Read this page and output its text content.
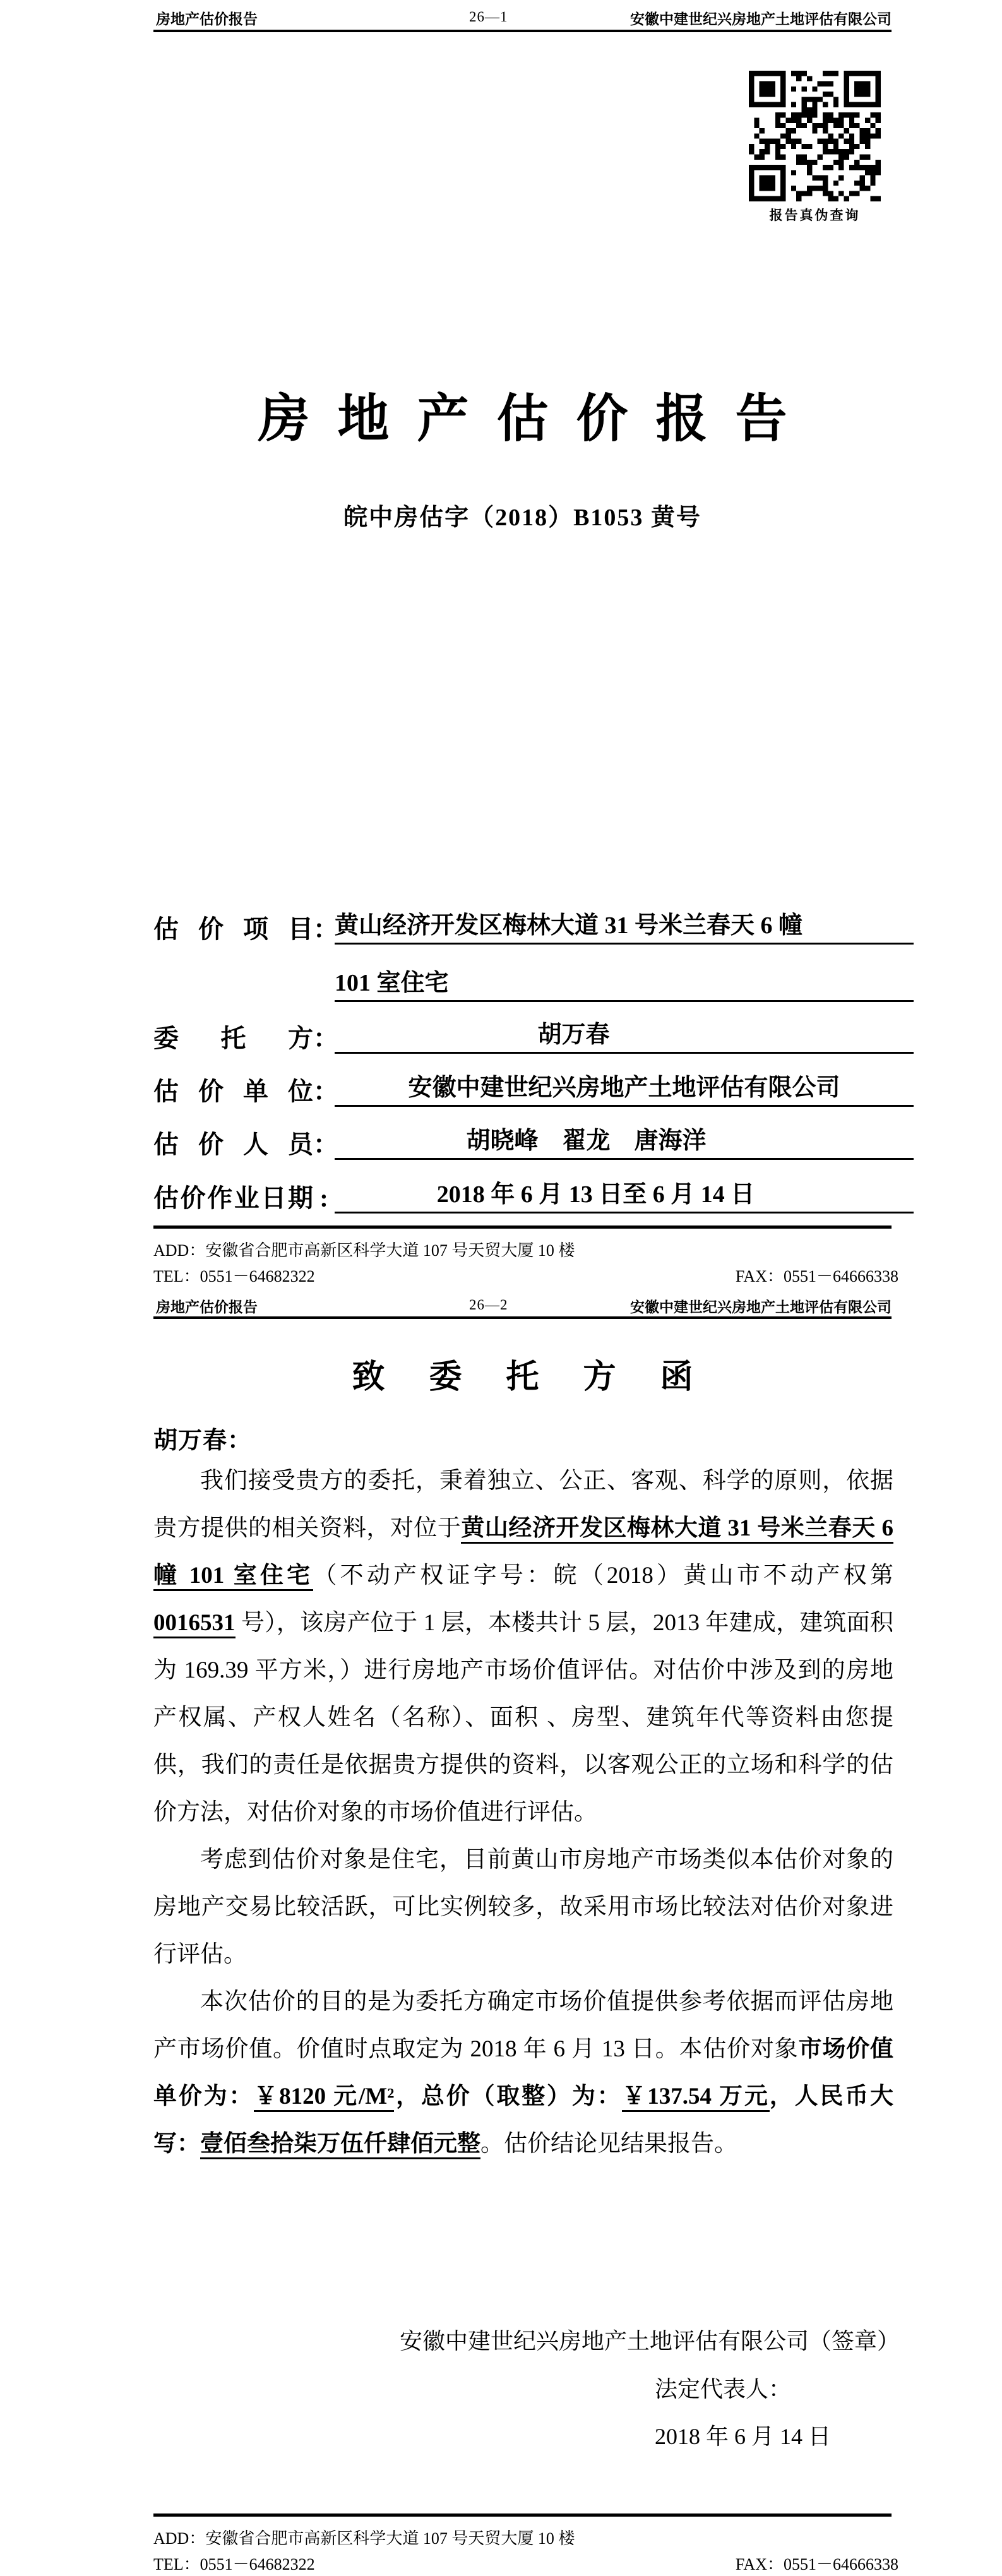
房地产估价报告	26—1	安徽中建世纪兴房地产土地评估有限公司
报告真伪查询
房地产估价报告
皖中房估字（2018）B1053 黄号
估价项目 ：
黄山经济开发区梅林大道 31 号米兰春天 6 幢
101 室住宅
委托方 ：	胡万春
估价单位 ：	安徽中建世纪兴房地产土地评估有限公司
估价人员 ：	胡晓峰　翟龙　唐海洋
估价作业日期 :	2018 年 6 月 13 日至 6 月 14 日
ADD：安徽省合肥市高新区科学大道 107 号天贸大厦 10 楼
TEL：0551－64682322	FAX：0551－64666338
房地产估价报告	26—2	安徽中建世纪兴房地产土地评估有限公司
致委托方函
胡万春：

我们接受贵方的委托，秉着独立、公正、客观、科学的原则，依据贵方提供的相关资料，对位于黄山经济开发区梅林大道 31 号米兰春天 6 幢 101 室住宅（不动产权证字号：皖（2018）黄山市不动产权第 0016531 号），该房产位于 1 层，本楼共计 5 层，2013 年建成，建筑面积为 169.39 平方米，）进行房地产市场价值评估。对估价中涉及到的房地产权属、产权人姓名（名称）、面积 、房型、建筑年代等资料由您提供，我们的责任是依据贵方提供的资料，以客观公正的立场和科学的估价方法，对估价对象的市场价值进行评估。

考虑到估价对象是住宅，目前黄山市房地产市场类似本估价对象的房地产交易比较活跃，可比实例较多，故采用市场比较法对估价对象进行评估。

本次估价的目的是为委托方确定市场价值提供参考依据而评估房地产市场价值。价值时点取定为 2018 年 6 月 13 日。本估价对象市场价值单价为：￥8120 元/M²，总价（取整）为：￥137.54 万元，人民币大写：壹佰叁拾柒万伍仟肆佰元整。估价结论见结果报告。

安徽中建世纪兴房地产土地评估有限公司（签章）
法定代表人：
2018 年 6 月 14 日
ADD：安徽省合肥市高新区科学大道 107 号天贸大厦 10 楼
TEL：0551－64682322	FAX：0551－64666338
